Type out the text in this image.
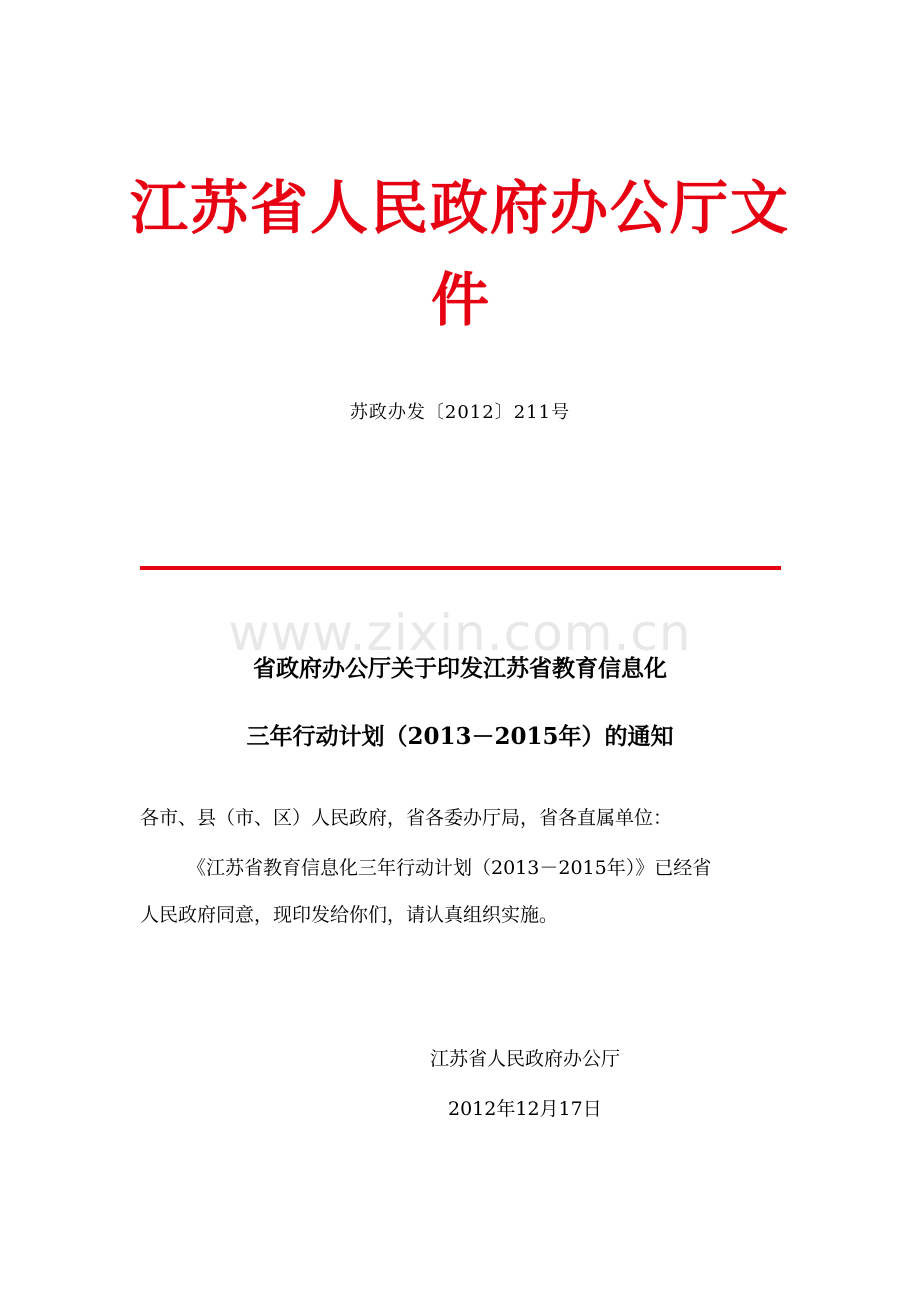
江苏省人民政府办公厅文
件
苏政办发〔2012〕211号
www.zixin.com.cn
省政府办公厅关于印发江苏省教育信息化
三年行动计划（2013－2015年）的通知
各市、县（市、区）人民政府，省各委办厅局，省各直属单位：
《江苏省教育信息化三年行动计划（2013－2015年）》已经省
人民政府同意，现印发给你们，请认真组织实施。
江苏省人民政府办公厅
2012年12月17日
